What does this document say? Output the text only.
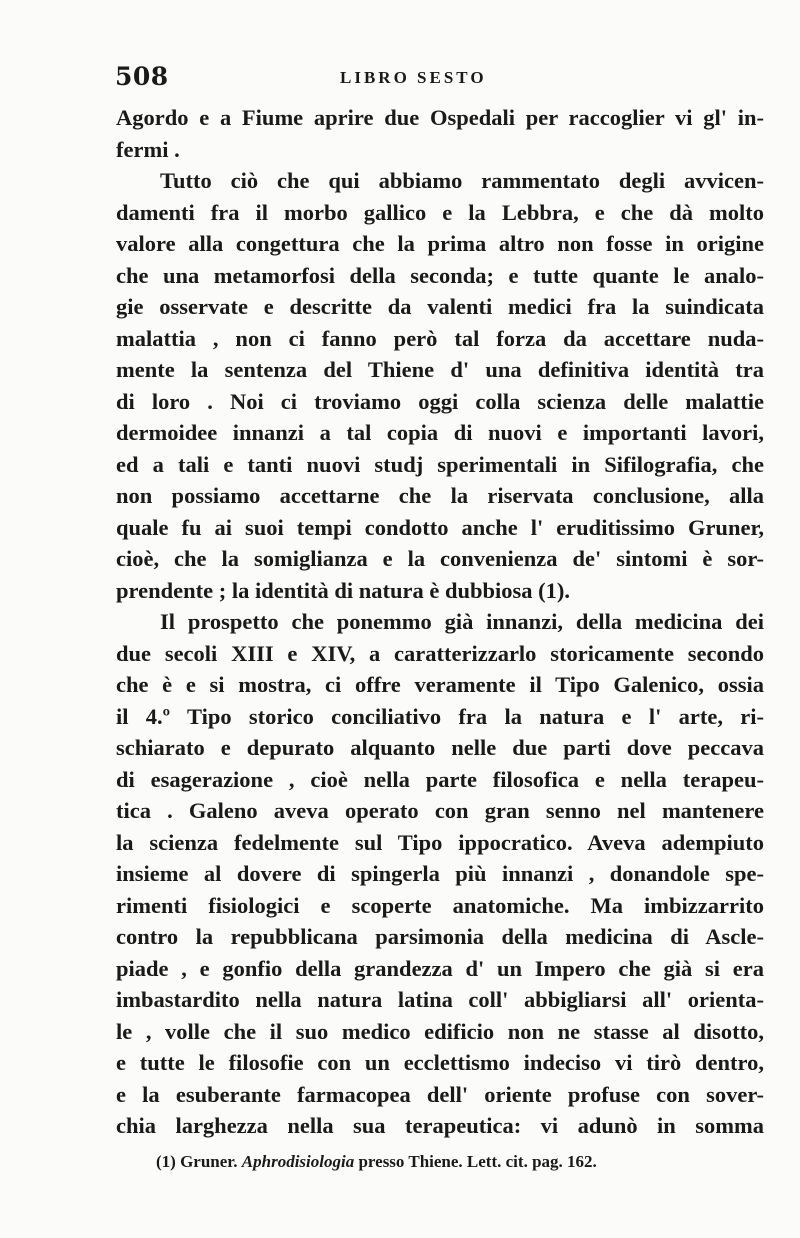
508	LIBRO SESTO
Agordo e a Fiume aprire due Ospedali per raccoglier vi gl' in-
fermi .
Tutto ciò che qui abbiamo rammentato degli avvicen-
damenti fra il morbo gallico e la Lebbra, e che dà molto
valore alla congettura che la prima altro non fosse in origine
che una metamorfosi della seconda; e tutte quante le analo-
gie osservate e descritte da valenti medici fra la suindicata
malattia , non ci fanno però tal forza da accettare nuda-
mente la sentenza del Thiene d' una definitiva identità tra
di loro . Noi ci troviamo oggi colla scienza delle malattie
dermoidee innanzi a tal copia di nuovi e importanti lavori,
ed a tali e tanti nuovi studj sperimentali in Sifilografia, che
non possiamo accettarne che la riservata conclusione, alla
quale fu ai suoi tempi condotto anche l' eruditissimo Gruner,
cioè, che la somiglianza e la convenienza de' sintomi è sor-
prendente ; la identità di natura è dubbiosa (1).
Il prospetto che ponemmo già innanzi, della medicina dei
due secoli XIII e XIV, a caratterizzarlo storicamente secondo
che è e si mostra, ci offre veramente il Tipo Galenico, ossia
il 4.º Tipo storico conciliativo fra la natura e l' arte, ri-
schiarato e depurato alquanto nelle due parti dove peccava
di esagerazione , cioè nella parte filosofica e nella terapeu-
tica . Galeno aveva operato con gran senno nel mantenere
la scienza fedelmente sul Tipo ippocratico. Aveva adempiuto
insieme al dovere di spingerla più innanzi , donandole spe-
rimenti fisiologici e scoperte anatomiche. Ma imbizzarrito
contro la repubblicana parsimonia della medicina di Ascle-
piade , e gonfio della grandezza d' un Impero che già si era
imbastardito nella natura latina coll' abbigliarsi all' orienta-
le , volle che il suo medico edificio non ne stasse al disotto,
e tutte le filosofie con un ecclettismo indeciso vi tirò dentro,
e la esuberante farmacopea dell' oriente profuse con sover-
chia larghezza nella sua terapeutica: vi adunò in somma
(1) Gruner. Aphrodisiologia presso Thiene. Lett. cit. pag. 162.
